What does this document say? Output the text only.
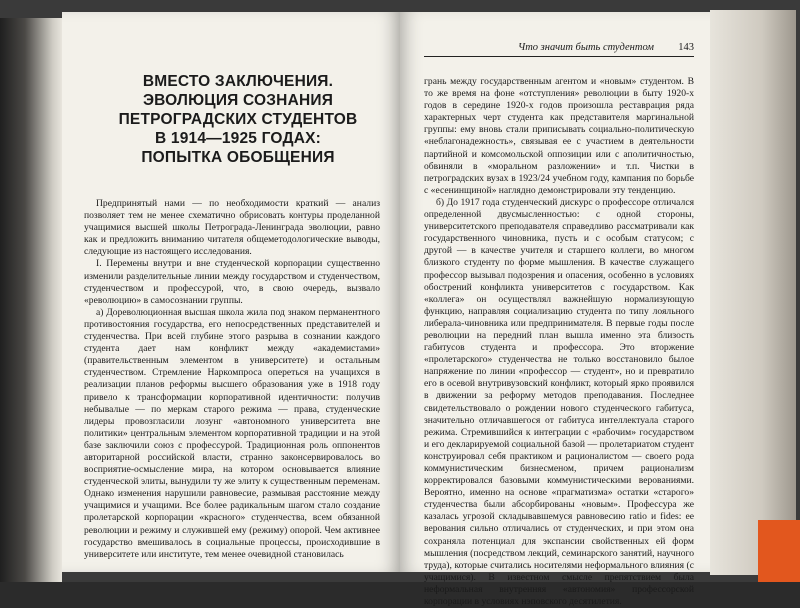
ВМЕСТО ЗАКЛЮЧЕНИЯ.
ЭВОЛЮЦИЯ СОЗНАНИЯ
ПЕТРОГРАДСКИХ СТУДЕНТОВ
В 1914—1925 ГОДАХ:
ПОПЫТКА ОБОБЩЕНИЯ

Предпринятый нами — по необходимости краткий — анализ позволяет тем не менее схематично обрисовать контуры проделанной учащимися высшей школы Петрограда-Ленинграда эволюции, равно как и предложить вниманию читателя общеметодологические выводы, следующие из настоящего исследования.

I. Перемены внутри и вне студенческой корпорации существенно изменили разделительные линии между государством и студенчеством, студенчеством и профессурой, что, в свою очередь, вызвало «революцию» в самосознании группы.

а) Дореволюционная высшая школа жила под знаком перманентного противостояния государства, его непосредственных представителей и студенчества. При всей глубине этого разрыва в сознании каждого студента дает нам конфликт между «академистами» (правительственным элементом в университете) и остальным студенчеством. Стремление Наркомпроса опереться на учащихся в реализации планов реформы высшего образования уже в 1918 году привело к трансформации корпоративной идентичности: получив небывалые — по меркам старого режима — права, студенческие лидеры провозгласили лозунг «автономного университета вне политики» центральным элементом корпоративной традиции и на этой базе заключили союз с профессурой. Традиционная роль оппонентов авторитарной российской власти, странно законсервировалось во восприятие-осмысление мира, на котором основывается влияние студенческой элиты, вынудили ту же элиту к существенным переменам. Однако изменения нарушили равновесие, размывая расстояние между учащимися и учащими. Все более радикальным шагом стало создание пролетарской корпорации «красного» студенчества, всем обязанной революции и режиму и служившей ему (режиму) опорой. Чем активнее государство вмешивалось в социальные процессы, происходившие в университете или институте, тем менее очевидной становилась

Что значит быть студентом 143

грань между государственным агентом и «новым» студентом. В то же время на фоне «отступления» революции в быту 1920-х годов в середине 1920-х годов произошла реставрация ряда характерных черт студента как представителя маргинальной группы: ему вновь стали приписывать социально-политическую «неблагонадежность», связывая ее с участием в деятельности партийной и комсомольской оппозиции или с аполитичностью, обвиняли в «моральном разложении» и т.п. Чистки в петроградских вузах в 1923/24 учебном году, кампания по борьбе с «есенинщиной» наглядно демонстрировали эту тенденцию.

б) До 1917 года студенческий дискурс о профессоре отличался определенной двусмысленностью: с одной стороны, университетского преподавателя справедливо рассматривали как государственного чиновника, пусть и с особым статусом; с другой — в качестве учителя и старшего коллеги, во многом близкого студенту по форме мышления. В качестве служащего профессор вызывал подозрения и опасения, особенно в условиях обострений конфликта университетов с государством. Как «коллега» он осуществлял важнейшую нормализующую функцию, направляя социализацию студента по типу лояльного либерала-чиновника или предпринимателя. В первые годы после революции на передний план вышла именно эта близость габитусов студента и профессора. Это вторжение «пролетарского» студенчества не только восстановило былое напряжение по линии «профессор — студент», но и превратило его в осевой внутривузовский конфликт, который ярко проявился в движении за реформу методов преподавания. Последнее свидетельствовало о рождении нового студенческого габитуса, значительно отличавшегося от габитуса интеллектуала старого режима. Стремившийся к интеграции с «рабочим» государством и его декларируемой социальной базой — пролетариатом студент конструировал себя практиком и рационалистом — своего рода коммунистическим бизнесменом, причем рационализм корректировался базовыми коммунистическими верованиями. Вероятно, именно на основе «прагматизма» остатки «старого» студенчества были абсорбированы «новым». Профессура же казалась угрозой складывавшемуся равновесию ratio и fides: ее верования сильно отличались от студенческих, и при этом она сохраняла потенциал для экспансии свойственных ей форм мышления (посредством лекций, семинарского занятий, научного труда), которые считались носителями неформального влияния (с учащимися). В известном смысле препятствием была неформальная внутренняя «автономия» профессорской корпорации в условиях нэповского десятилетия.
